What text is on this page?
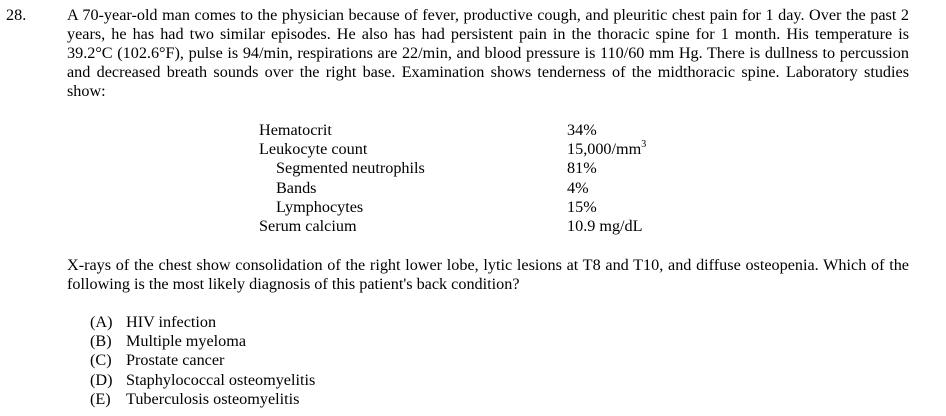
28.	A 70-year-old man comes to the physician because of fever, productive cough, and pleuritic chest pain for 1 day. Over the past 2 years, he has had two similar episodes. He also has had persistent pain in the thoracic spine for 1 month. His temperature is 39.2°C (102.6°F), pulse is 94/min, respirations are 22/min, and blood pressure is 110/60 mm Hg. There is dullness to percussion and decreased breath sounds over the right base. Examination shows tenderness of the midthoracic spine. Laboratory studies show:
Hematocrit	34%
Leukocyte count	$15,000/mm^3$
Segmented neutrophils	81%
Bands	4%
Lymphocytes	15%
Serum calcium	10.9 mg/dL
X-rays of the chest show consolidation of the right lower lobe, lytic lesions at T8 and T10, and diffuse osteopenia. Which of the following is the most likely diagnosis of this patient's back condition?
(A) HIV infection
(B) Multiple myeloma
(C) Prostate cancer
(D) Staphylococcal osteomyelitis
(E) Tuberculosis osteomyelitis
